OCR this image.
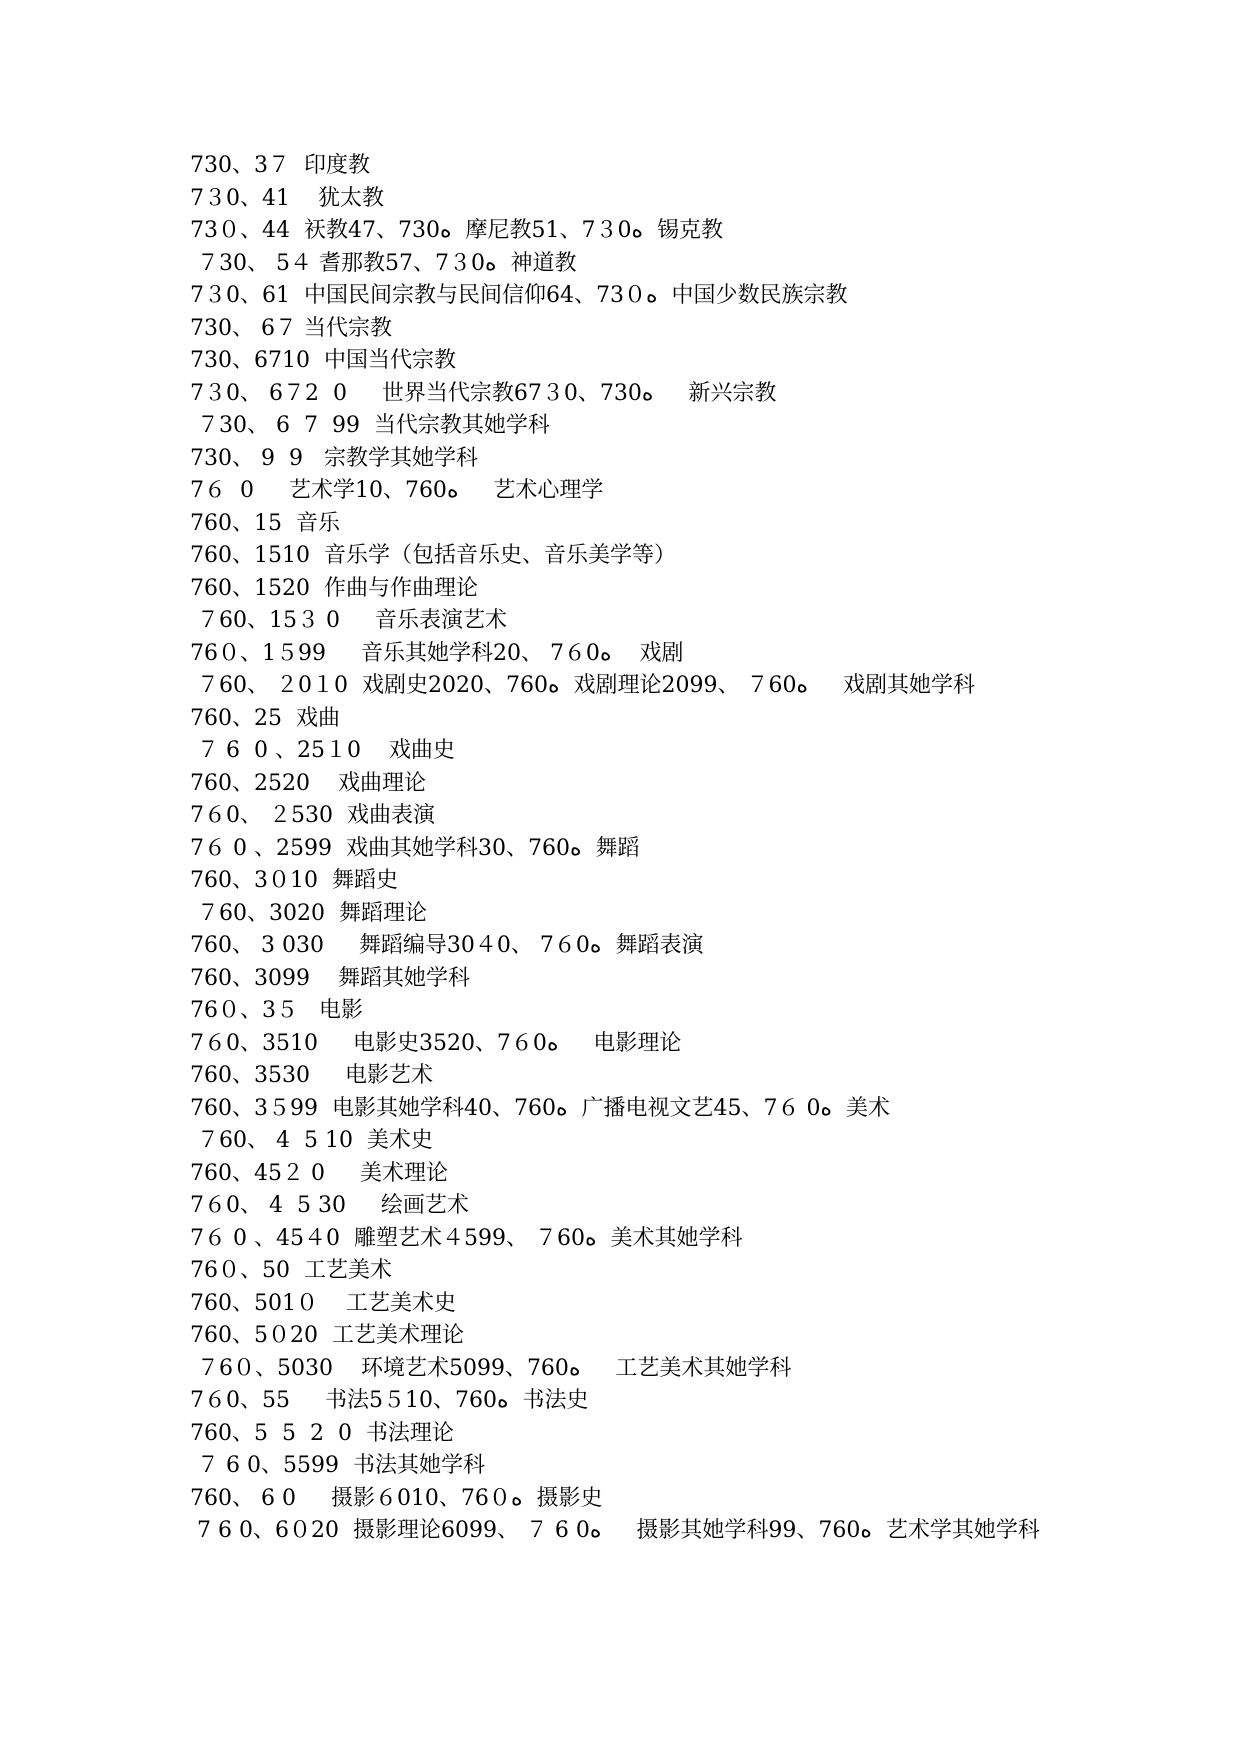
730、3７  印度教
7３0、41    犹太教
73０、44  祆教47、730ه  摩尼教51、7３0ه  锡克教
７30、 5４ 耆那教57、7３0ه  神道教
7３0、61  中国民间宗教与民间信仰64、73０ه  中国少数民族宗教
730、 6７ 当代宗教
730、6710  中国当代宗教
7３0、 6７2  0     世界当代宗教67３0、730ه     新兴宗教
７30、 6  7  99  当代宗教其她学科
730、 9  9   宗教学其她学科
7６  0     艺术学10、760ه     艺术心理学
760、15  音乐
760、1510  音乐学（包括音乐史、音乐美学等）
760、1520  作曲与作曲理论
７60、15３ 0     音乐表演艺术
76０、1５99     音乐其她学科20、 7６0ه    戏剧
７60、 ２0１0  戏剧史2020、760ه  戏剧理论2099、 ７60ه     戏剧其她学科
760、25  戏曲
７ 6  0 、25１0    戏曲史
760、2520    戏曲理论
7６0、 ２530  戏曲表演
7６ 0 、2599  戏曲其她学科30、760ه  舞蹈
760、3０10  舞蹈史
７60、3020  舞蹈理论
760、 3 030     舞蹈编导30４0、 7６0ه  舞蹈表演
760、3099    舞蹈其她学科
76０、3５   电影
7６0、3510     电影史3520、7６0ه     电影理论
760、3530     电影艺术
760、3５99  电影其她学科40、760ه  广播电视文艺45、7６ 0ه  美术
７60、 4  5 10  美术史
760、45２ 0     美术理论
7６0、 4  5 30     绘画艺术
7６ 0 、45４0  雕塑艺术４599、 ７60ه  美术其她学科
76０、50  工艺美术
760、501０    工艺美术史
760、5０20  工艺美术理论
７6０、5030    环境艺术5099、760ه     工艺美术其她学科
7６0、55     书法5５10、760ه  书法史
760、5  5  2  0  书法理论
７ 6 0、5599  书法其她学科
760、 6 0     摄影６010、76０ه  摄影史
7 6 0、6０20  摄影理论6099、 ７ 6 0ه     摄影其她学科99、760ه  艺术学其她学科
